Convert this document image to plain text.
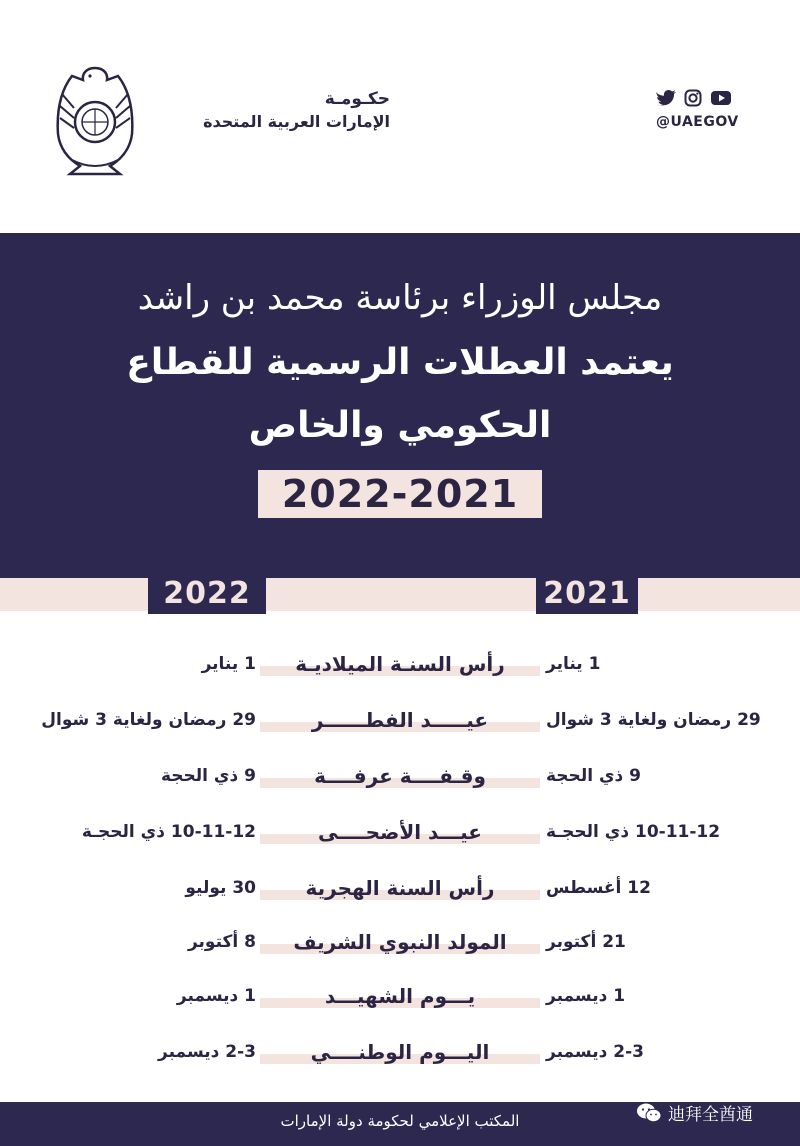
حكـومـة
الإمارات العربية المتحدة	@UAEGOV
مجلس الوزراء برئاسة محمد بن راشد
يعتمد العطلات الرسمية للقطاع
الحكومي والخاص
2022-2021
2022	2021
1 يناير	رأس السنـة الميلاديـة	1 يناير
29 رمضان ولغاية 3 شوال	عيـــــد الفطــــــر	29 رمضان ولغاية 3 شوال
9 ذي الحجة	وقـفــــة عرفــــة	9 ذي الحجة
10-11-12 ذي الحجـة	عيـــد الأضحــــى	10-11-12 ذي الحجـة
30 يوليو	رأس السنة الهجرية	12 أغسطس
8 أكتوبر	المولد النبوي الشريف	21 أكتوبر
1 ديسمبر	يـــوم الشهيـــد	1 ديسمبر
2-3 ديسمبر	اليـــوم الوطنــــي	2-3 ديسمبر
المكتب الإعلامي لحكومة دولة الإمارات	迪拜全酋通
